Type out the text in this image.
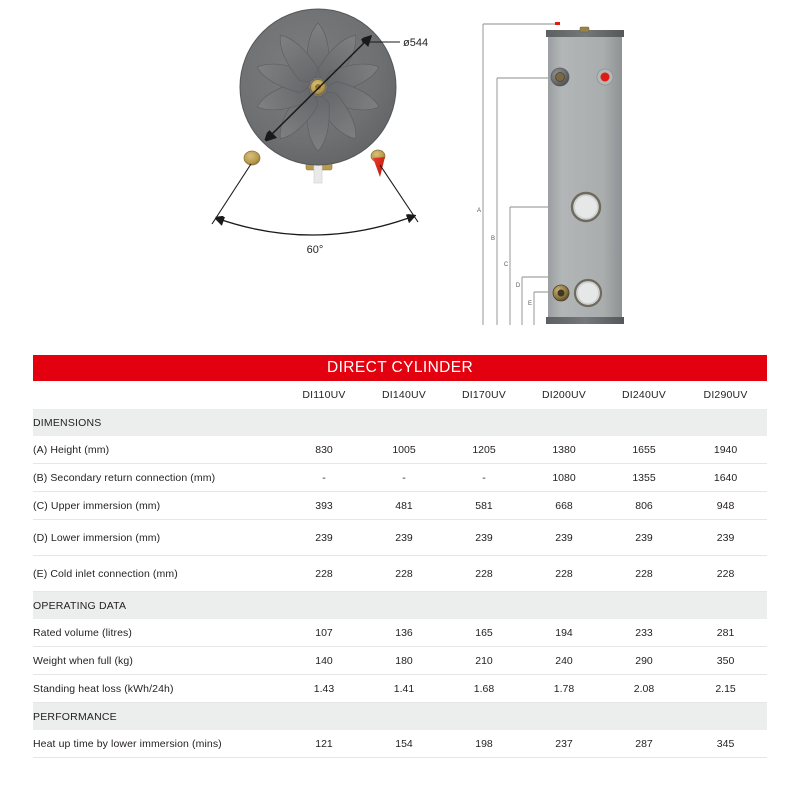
ø544
60°
A
B
C
D
E
DIRECT CYLINDER						
	DI110UV	DI140UV	DI170UV	DI200UV	DI240UV	DI290UV
DIMENSIONS						
(A) Height (mm)	830	1005	1205	1380	1655	1940
(B) Secondary return connection (mm)	-	-	-	1080	1355	1640
(C) Upper immersion (mm)	393	481	581	668	806	948
(D) Lower immersion (mm)	239	239	239	239	239	239
(E) Cold inlet connection (mm)	228	228	228	228	228	228
OPERATING DATA						
Rated volume (litres)	107	136	165	194	233	281
Weight when full (kg)	140	180	210	240	290	350
Standing heat loss (kWh/24h)	1.43	1.41	1.68	1.78	2.08	2.15
PERFORMANCE						
Heat up time by lower immersion (mins)	121	154	198	237	287	345
